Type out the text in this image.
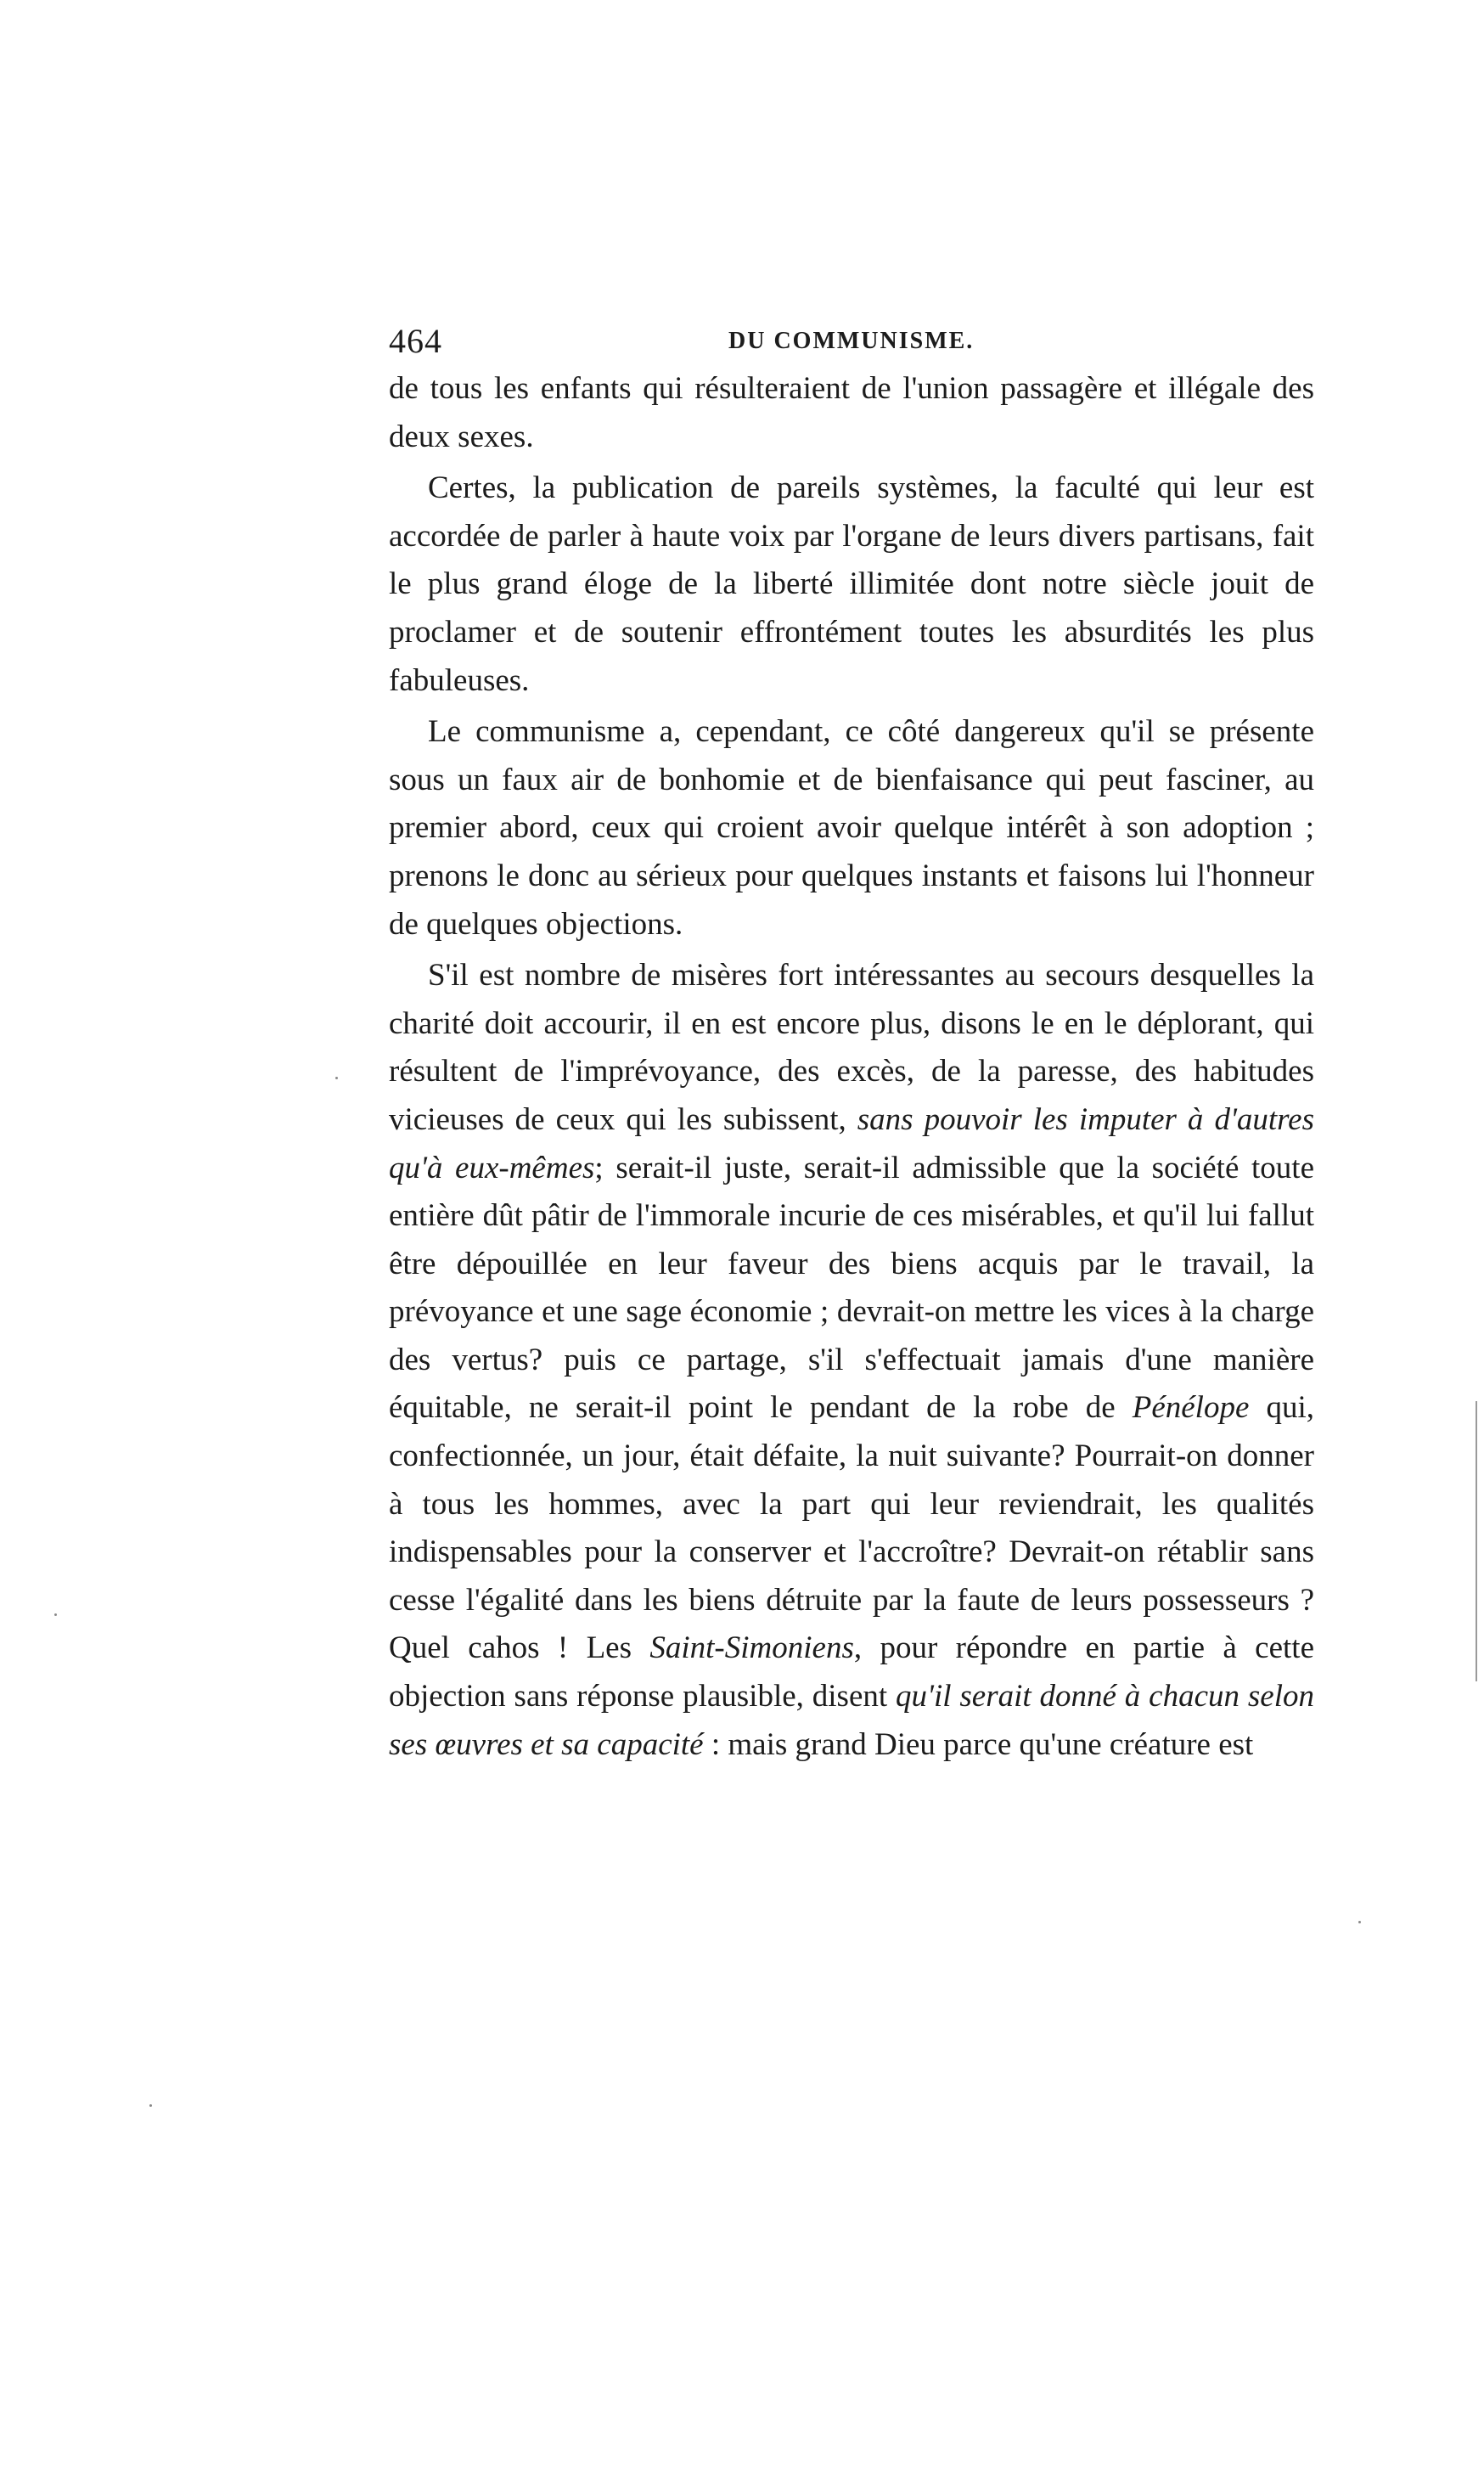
464	DU COMMUNISME.

de tous les enfants qui résulteraient de l'union passagère et illégale des deux sexes.

Certes, la publication de pareils systèmes, la faculté qui leur est accordée de parler à haute voix par l'organe de leurs divers partisans, fait le plus grand éloge de la liberté illimitée dont notre siècle jouit de proclamer et de soutenir effrontément toutes les absurdités les plus fabuleuses.

Le communisme a, cependant, ce côté dangereux qu'il se présente sous un faux air de bonhomie et de bienfaisance qui peut fasciner, au premier abord, ceux qui croient avoir quelque intérêt à son adoption ; prenons le donc au sérieux pour quelques instants et faisons lui l'honneur de quelques objections.

S'il est nombre de misères fort intéressantes au secours desquelles la charité doit accourir, il en est encore plus, disons le en le déplorant, qui résultent de l'imprévoyance, des excès, de la paresse, des habitudes vicieuses de ceux qui les subissent, sans pouvoir les imputer à d'autres qu'à eux-mêmes; serait-il juste, serait-il admissible que la société toute entière dût pâtir de l'immorale incurie de ces misérables, et qu'il lui fallut être dépouillée en leur faveur des biens acquis par le travail, la prévoyance et une sage économie ; devrait-on mettre les vices à la charge des vertus? puis ce partage, s'il s'effectuait jamais d'une manière équitable, ne serait-il point le pendant de la robe de Pénélope qui, confectionnée, un jour, était défaite, la nuit suivante? Pourrait-on donner à tous les hommes, avec la part qui leur reviendrait, les qualités indispensables pour la conserver et l'accroître? Devrait-on rétablir sans cesse l'égalité dans les biens détruite par la faute de leurs possesseurs ? Quel cahos ! Les Saint-Simoniens, pour répondre en partie à cette objection sans réponse plausible, disent qu'il serait donné à chacun selon ses œuvres et sa capacité : mais grand Dieu parce qu'une créature est
